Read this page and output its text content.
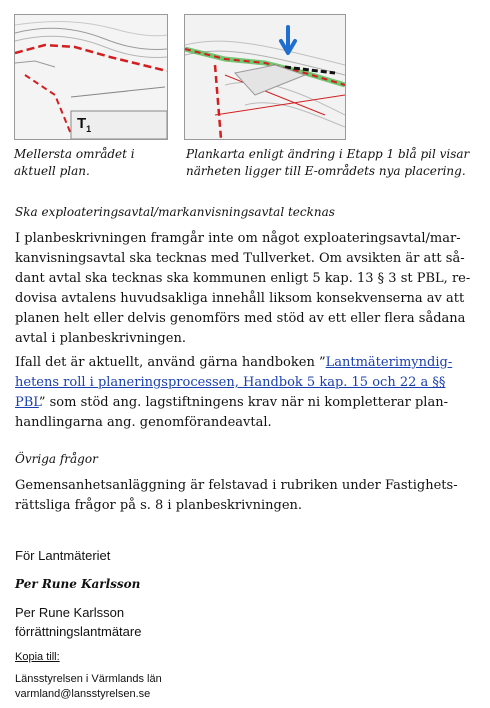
$T_1$
Mellersta området i
aktuell plan.
Plankarta enligt ändring i Etapp 1 blå pil visar
närheten ligger till E-områdets nya placering.
Ska exploateringsavtal/markanvisningsavtal tecknas
I planbeskrivningen framgår inte om något exploateringsavtal/mar-
kanvisningsavtal ska tecknas med Tullverket. Om avsikten är att så-
dant avtal ska tecknas ska kommunen enligt 5 kap. 13 § 3 st PBL, re-
dovisa avtalens huvudsakliga innehåll liksom konsekvenserna av att
planen helt eller delvis genomförs med stöd av ett eller flera sådana
avtal i planbeskrivningen.
Ifall det är aktuellt, använd gärna handboken ”Lantmäterimyndig-
hetens roll i planeringsprocessen, Handbok 5 kap. 15 och 22 a §§
PBL” som stöd ang. lagstiftningens krav när ni kompletterar plan-
handlingarna ang. genomförandeavtal.
Övriga frågor
Gemensanhetsanläggning är felstavad i rubriken under Fastighets-
rättsliga frågor på s. 8 i planbeskrivningen.
För Lantmäteriet
Per Rune Karlsson
Per Rune Karlsson
förrättningslantmätare
Kopia till:
Länsstyrelsen i Värmlands län
varmland@lansstyrelsen.se
